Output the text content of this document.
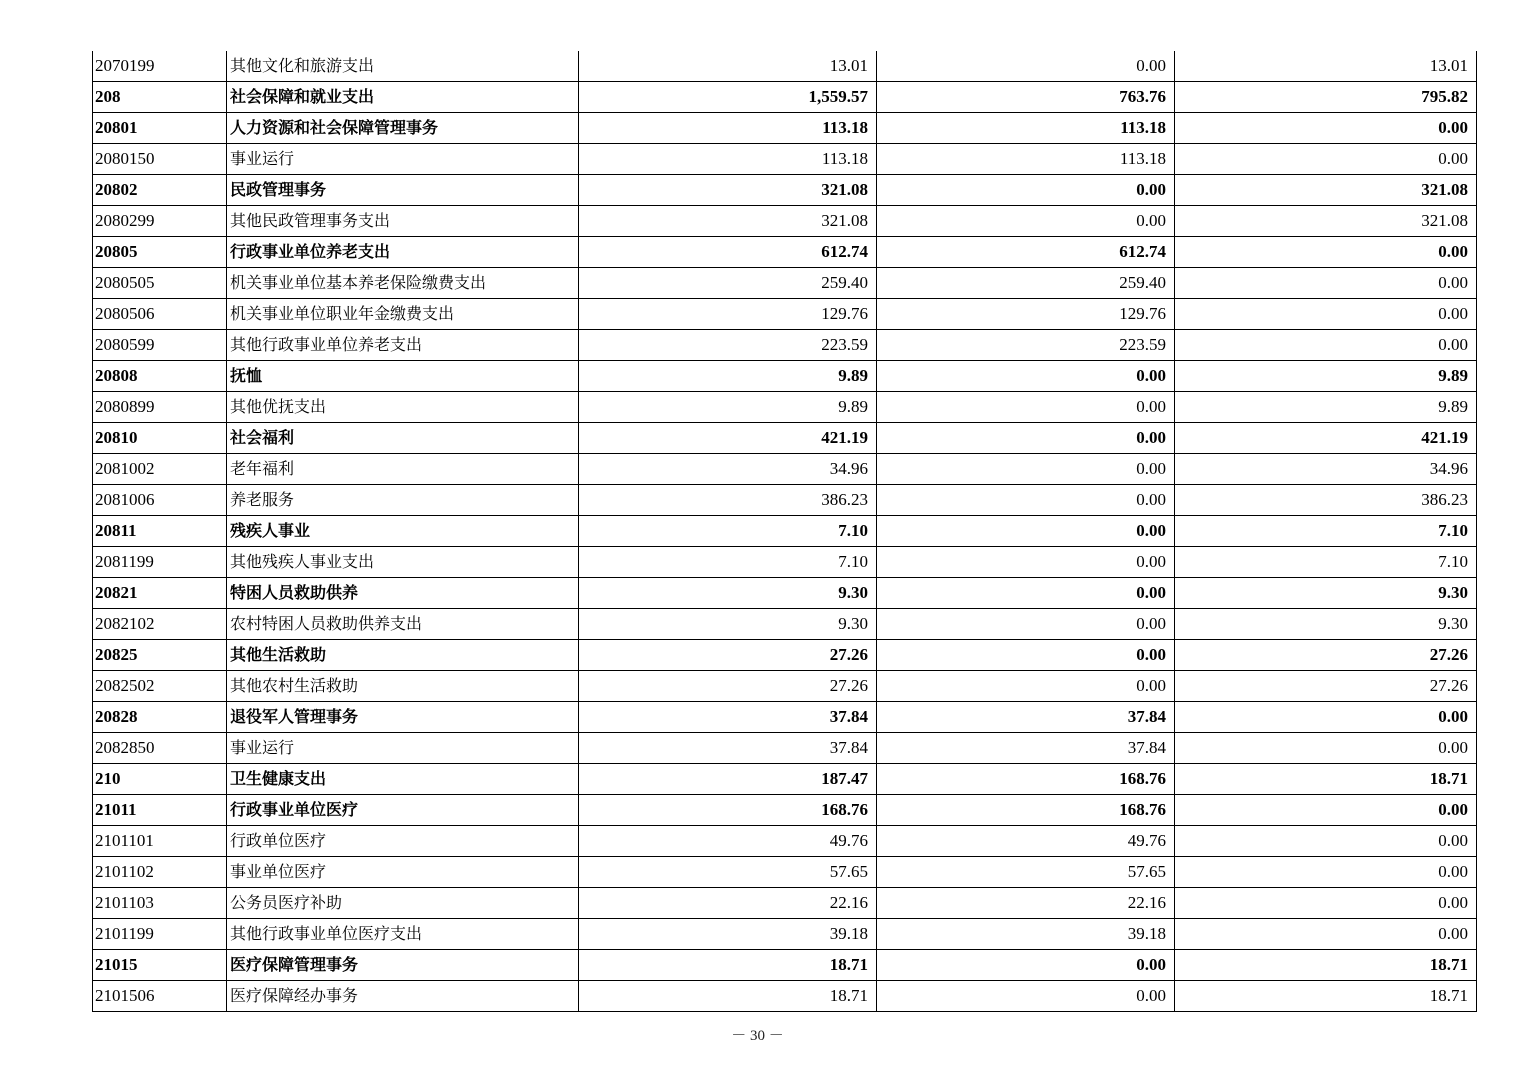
2070199	其他文化和旅游支出	13.01	0.00	13.01
208	社会保障和就业支出	1,559.57	763.76	795.82
20801	人力资源和社会保障管理事务	113.18	113.18	0.00
2080150	事业运行	113.18	113.18	0.00
20802	民政管理事务	321.08	0.00	321.08
2080299	其他民政管理事务支出	321.08	0.00	321.08
20805	行政事业单位养老支出	612.74	612.74	0.00
2080505	机关事业单位基本养老保险缴费支出	259.40	259.40	0.00
2080506	机关事业单位职业年金缴费支出	129.76	129.76	0.00
2080599	其他行政事业单位养老支出	223.59	223.59	0.00
20808	抚恤	9.89	0.00	9.89
2080899	其他优抚支出	9.89	0.00	9.89
20810	社会福利	421.19	0.00	421.19
2081002	老年福利	34.96	0.00	34.96
2081006	养老服务	386.23	0.00	386.23
20811	残疾人事业	7.10	0.00	7.10
2081199	其他残疾人事业支出	7.10	0.00	7.10
20821	特困人员救助供养	9.30	0.00	9.30
2082102	农村特困人员救助供养支出	9.30	0.00	9.30
20825	其他生活救助	27.26	0.00	27.26
2082502	其他农村生活救助	27.26	0.00	27.26
20828	退役军人管理事务	37.84	37.84	0.00
2082850	事业运行	37.84	37.84	0.00
210	卫生健康支出	187.47	168.76	18.71
21011	行政事业单位医疗	168.76	168.76	0.00
2101101	行政单位医疗	49.76	49.76	0.00
2101102	事业单位医疗	57.65	57.65	0.00
2101103	公务员医疗补助	22.16	22.16	0.00
2101199	其他行政事业单位医疗支出	39.18	39.18	0.00
21015	医疗保障管理事务	18.71	0.00	18.71
2101506	医疗保障经办事务	18.71	0.00	18.71
－ 30 －
